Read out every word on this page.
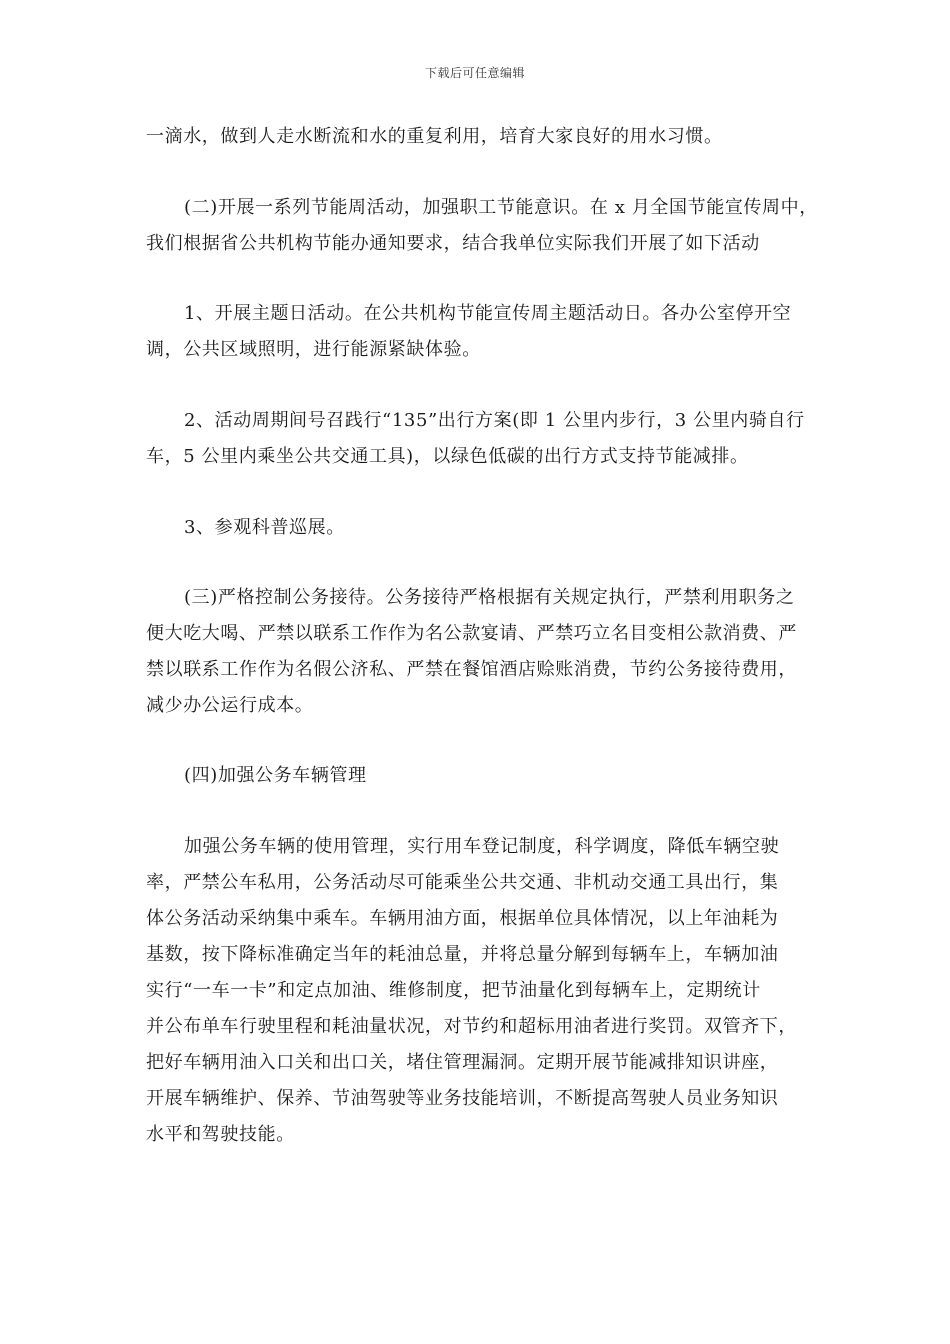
下载后可任意编辑
一滴水，做到人走水断流和水的重复利用，培育大家良好的用水习惯。
(二)开展一系列节能周活动，加强职工节能意识。在 x 月全国节能宣传周中，
我们根据省公共机构节能办通知要求，结合我单位实际我们开展了如下活动
1、开展主题日活动。在公共机构节能宣传周主题活动日。各办公室停开空
调，公共区域照明，进行能源紧缺体验。
2、活动周期间号召践行“135”出行方案(即 1 公里内步行，3 公里内骑自行
车，5 公里内乘坐公共交通工具)，以绿色低碳的出行方式支持节能减排。
3、参观科普巡展。
(三)严格控制公务接待。公务接待严格根据有关规定执行，严禁利用职务之
便大吃大喝、严禁以联系工作作为名公款宴请、严禁巧立名目变相公款消费、严
禁以联系工作作为名假公济私、严禁在餐馆酒店赊账消费，节约公务接待费用，
减少办公运行成本。
(四)加强公务车辆管理
加强公务车辆的使用管理，实行用车登记制度，科学调度，降低车辆空驶
率，严禁公车私用，公务活动尽可能乘坐公共交通、非机动交通工具出行，集
体公务活动采纳集中乘车。车辆用油方面，根据单位具体情况，以上年油耗为
基数，按下降标准确定当年的耗油总量，并将总量分解到每辆车上，车辆加油
实行“一车一卡”和定点加油、维修制度，把节油量化到每辆车上，定期统计
并公布单车行驶里程和耗油量状况，对节约和超标用油者进行奖罚。双管齐下，
把好车辆用油入口关和出口关，堵住管理漏洞。定期开展节能减排知识讲座，
开展车辆维护、保养、节油驾驶等业务技能培训，不断提高驾驶人员业务知识
水平和驾驶技能。
